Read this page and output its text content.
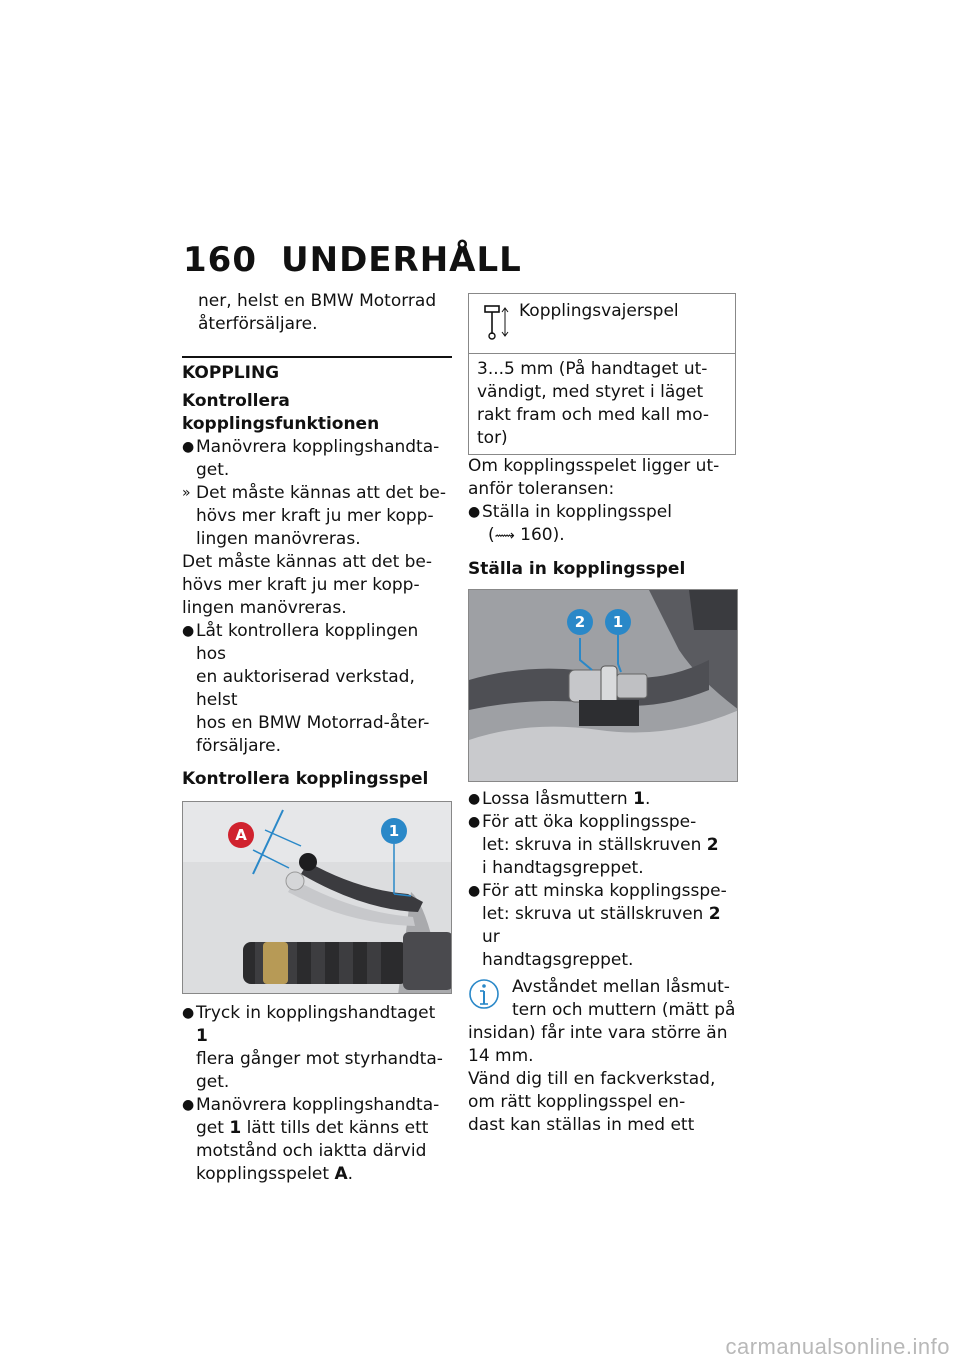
160 UNDERHÅLL

ner, helst en BMW Motorrad

återförsäljare.

KOPPLING

Kontrollera

kopplingsfunktionen

● Manövrera kopplingshandta-

get.

» Det måste kännas att det be-

hövs mer kraft ju mer kopp-

lingen manövreras.

Det måste kännas att det be-

hövs mer kraft ju mer kopp-

lingen manövreras.

● Låt kontrollera kopplingen hos

en auktoriserad verkstad, helst

hos en BMW Motorrad-åter-

försäljare.

Kontrollera kopplingsspel
A	1
● Tryck in kopplingshandtaget 1

flera gånger mot styrhandta-

get.

● Manövrera kopplingshandta-

get 1 lätt tills det känns ett

motstånd och iaktta därvid

kopplingsspelet A.

Kopplingsvajerspel

3...5 mm (På handtaget ut-

vändigt, med styret i läget

rakt fram och med kall mo-

tor)

Om kopplingsspelet ligger ut-

anför toleransen:

● Ställa in kopplingsspel

(⟿ 160).

Ställa in kopplingsspel
2	1
● Lossa låsmuttern 1.

● För att öka kopplingsspe-

let: skruva in ställskruven 2

i handtagsgreppet.

● För att minska kopplingsspe-

let: skruva ut ställskruven 2 ur

handtagsgreppet.

Avståndet mellan låsmut-

tern och muttern (mätt på

insidan) får inte vara större än

14 mm.

Vänd dig till en fackverkstad,

om rätt kopplingsspel en-

dast kan ställas in med ett

carmanualsonline.info
